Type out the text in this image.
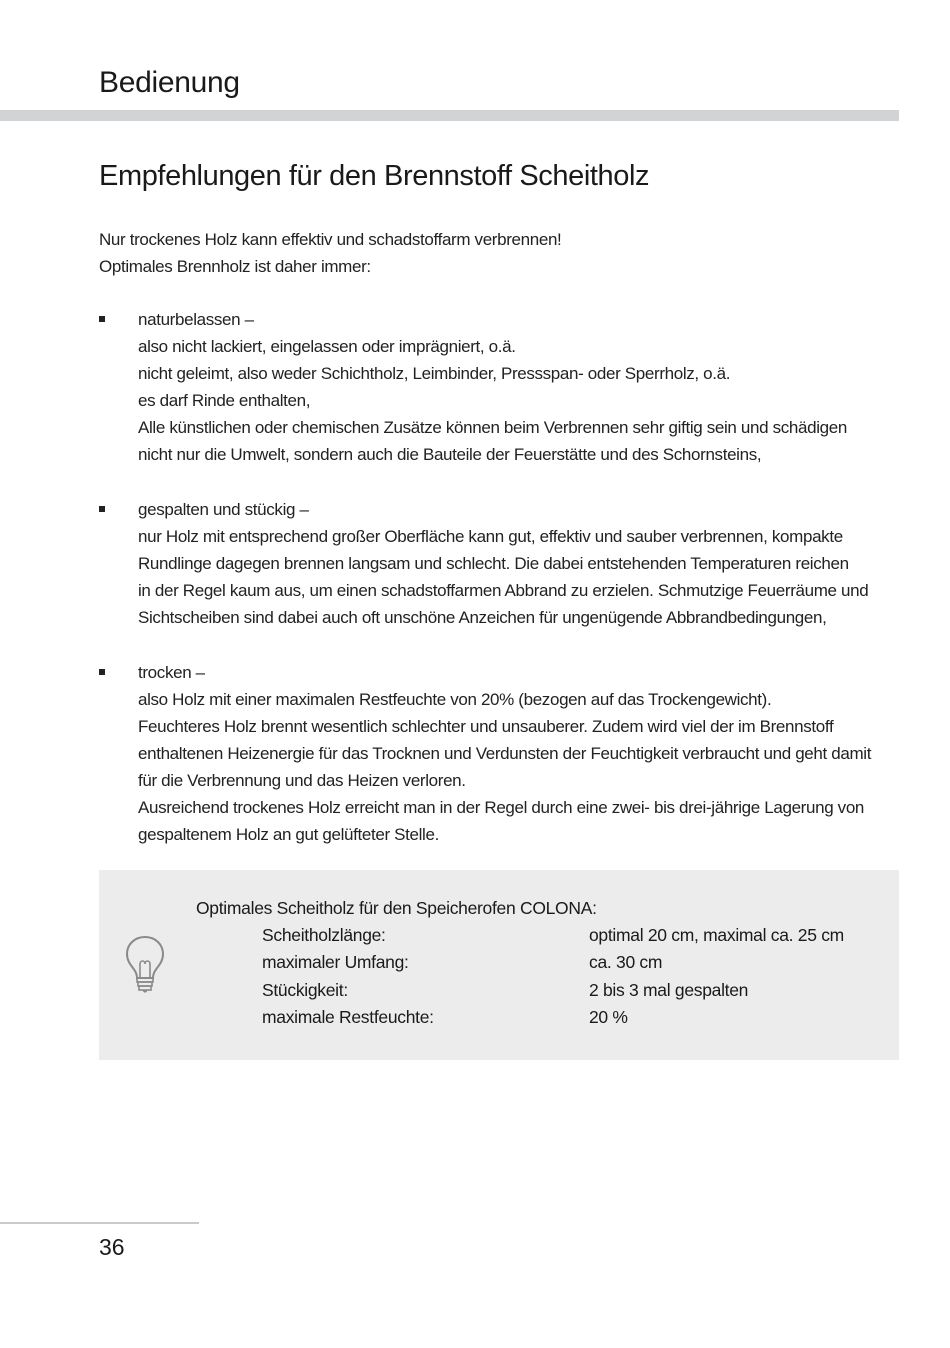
Bedienung
Empfehlungen für den Brennstoff Scheitholz
Nur trockenes Holz kann effektiv und schadstoffarm verbrennen!
Optimales Brennholz ist daher immer:
naturbelassen –
also nicht lackiert, eingelassen oder imprägniert, o.ä.
nicht geleimt, also weder Schichtholz, Leimbinder, Pressspan- oder Sperrholz, o.ä.
es darf Rinde enthalten,
Alle künstlichen oder chemischen Zusätze können beim Verbrennen sehr giftig sein und schädigen
nicht nur die Umwelt, sondern auch die Bauteile der Feuerstätte und des Schornsteins,
gespalten und stückig –
nur Holz mit entsprechend großer Oberfläche kann gut, effektiv und sauber verbrennen, kompakte
Rundlinge dagegen brennen langsam und schlecht. Die dabei entstehenden Temperaturen reichen
in der Regel kaum aus, um einen schadstoffarmen Abbrand zu erzielen. Schmutzige Feuerräume und
Sichtscheiben sind dabei auch oft unschöne Anzeichen für ungenügende Abbrandbedingungen,
trocken –
also Holz mit einer maximalen Restfeuchte von 20% (bezogen auf das Trockengewicht).
Feuchteres Holz brennt wesentlich schlechter und unsauberer. Zudem wird viel der im Brennstoff
enthaltenen Heizenergie für das Trocknen und Verdunsten der Feuchtigkeit verbraucht und geht damit
für die Verbrennung und das Heizen verloren.
Ausreichend trockenes Holz erreicht man in der Regel durch eine zwei- bis drei-jährige Lagerung von
gespaltenem Holz an gut gelüfteter Stelle.
Optimales Scheitholz für den Speicherofen COLONA:
Scheitholzlänge:	optimal 20 cm, maximal ca. 25 cm
maximaler Umfang:	ca. 30 cm
Stückigkeit:	2 bis 3 mal gespalten
maximale Restfeuchte:	20 %
36
